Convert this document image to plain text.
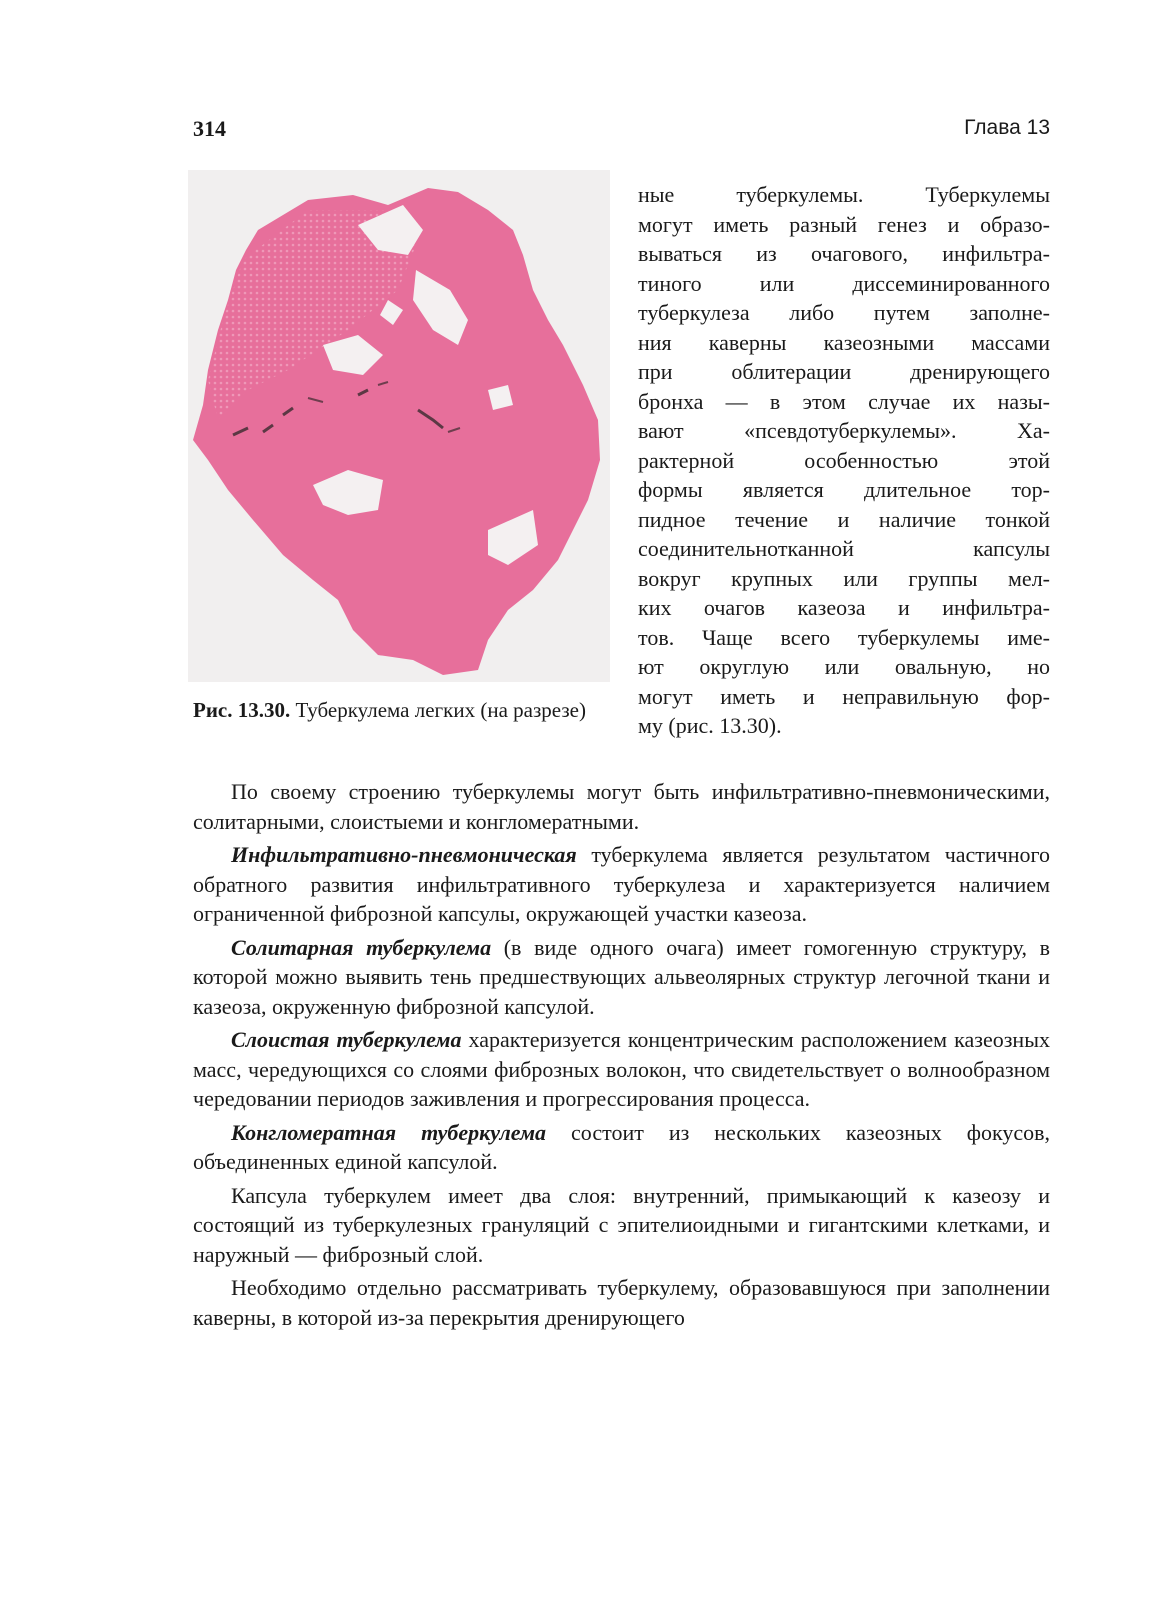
314	Глава 13
Рис. 13.30. Туберкулема легких (на разрезе)
ные туберкулемы. Туберкулемы
могут иметь разный генез и образо-
вываться из очагового, инфильтра-
тиного или диссеминированного
туберкулеза либо путем заполне-
ния каверны казеозными массами
при облитерации дренирующего
бронха — в этом случае их назы-
вают «псевдотуберкулемы». Ха-
рактерной особенностью этой
формы является длительное тор-
пидное течение и наличие тонкой
соединительнотканной капсулы
вокруг крупных или группы мел-
ких очагов казеоза и инфильтра-
тов. Чаще всего туберкулемы име-
ют округлую или овальную, но
могут иметь и неправильную фор-
му (рис. 13.30).

По своему строению туберкулемы могут быть инфильтративно-пневмоническими, солитарными, слоистыеми и конгломератными.

Инфильтративно-пневмоническая туберкулема является результатом частичного обратного развития инфильтративного туберкулеза и характеризуется наличием ограниченной фиброзной капсулы, окружающей участки казеоза.

Солитарная туберкулема (в виде одного очага) имеет гомогенную структуру, в которой можно выявить тень предшествующих альвеолярных структур легочной ткани и казеоза, окруженную фиброзной капсулой.

Слоистая туберкулема характеризуется концентрическим расположением казеозных масс, чередующихся со слоями фиброзных волокон, что свидетельствует о волнообразном чередовании периодов заживления и прогрессирования процесса.

Конгломератная туберкулема состоит из нескольких казеозных фокусов, объединенных единой капсулой.

Капсула туберкулем имеет два слоя: внутренний, примыкающий к казеозу и состоящий из туберкулезных грануляций с эпителиоидными и гигантскими клетками, и наружный — фиброзный слой.

Необходимо отдельно рассматривать туберкулему, образовавшуюся при заполнении каверны, в которой из-за перекрытия дренирующего
